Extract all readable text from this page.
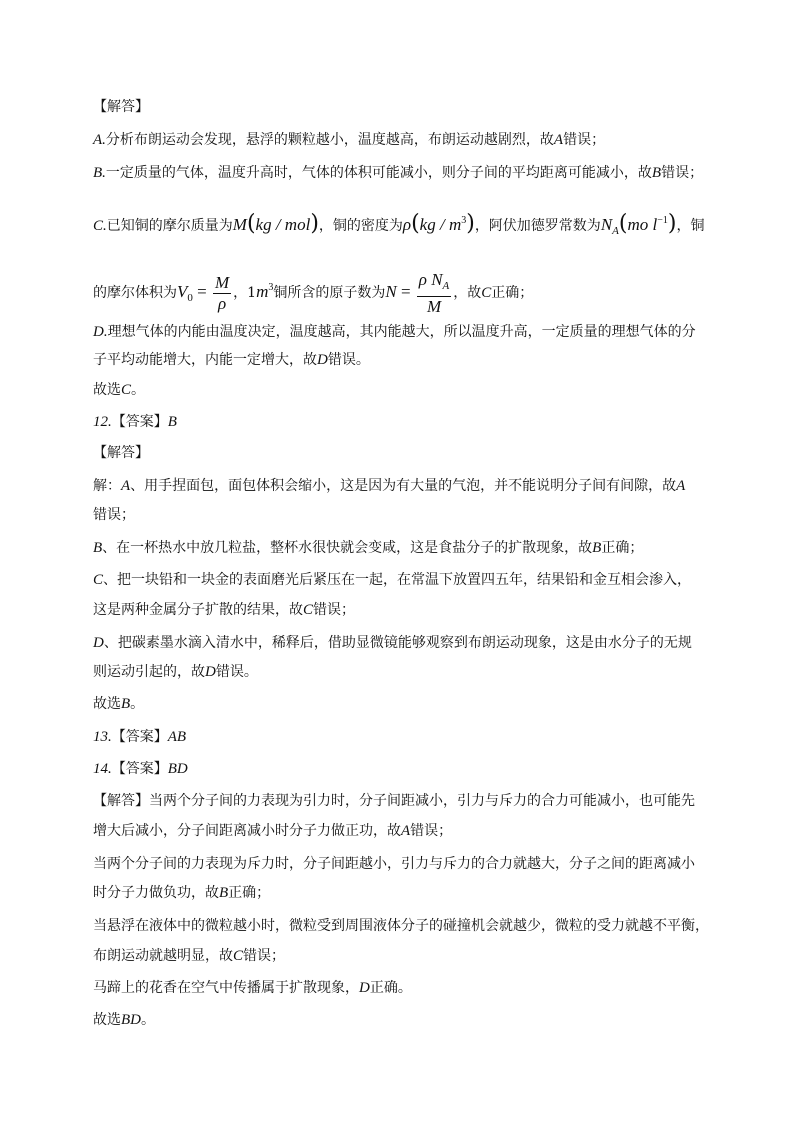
【解答】
A.分析布朗运动会发现，悬浮的颗粒越小，温度越高，布朗运动越剧烈，故A错误；
B.一定质量的气体，温度升高时，气体的体积可能减小，则分子间的平均距离可能减小，故B错误；
C.已知铜的摩尔质量为M(kg / mol)，铜的密度为$\rho(kg / m^3)$，阿伏加德罗常数为$N_A(mo$ $l^{-1}$)，铜
的摩尔体积为$V_0 = \frac{M}{\rho}$ ，$1m^3$铜所含的原子数为$N = \frac{\rho N_A}{M}$ ，故C正确；
D.理想气体的内能由温度决定，温度越高，其内能越大，所以温度升高，一定质量的理想气体的分
子平均动能增大，内能一定增大，故D错误。
故选C。
12.【答案】B
【解答】
解：A、用手捏面包，面包体积会缩小，这是因为有大量的气泡，并不能说明分子间有间隙，故A
错误；
B、在一杯热水中放几粒盐，整杯水很快就会变咸，这是食盐分子的扩散现象，故B正确；
C、把一块铅和一块金的表面磨光后紧压在一起，在常温下放置四五年，结果铅和金互相会渗入，
这是两种金属分子扩散的结果，故C错误；
D、把碳素墨水滴入清水中，稀释后，借助显微镜能够观察到布朗运动现象，这是由水分子的无规
则运动引起的，故D错误。
故选B。
13.【答案】AB
14.【答案】BD
【解答】当两个分子间的力表现为引力时，分子间距减小，引力与斥力的合力可能减小，也可能先
增大后减小，分子间距离减小时分子力做正功，故A错误；
当两个分子间的力表现为斥力时，分子间距越小，引力与斥力的合力就越大，分子之间的距离减小
时分子力做负功，故B正确；
当悬浮在液体中的微粒越小时，微粒受到周围液体分子的碰撞机会就越少，微粒的受力就越不平衡，
布朗运动就越明显，故C错误；
马蹄上的花香在空气中传播属于扩散现象，D正确。
故选BD。
